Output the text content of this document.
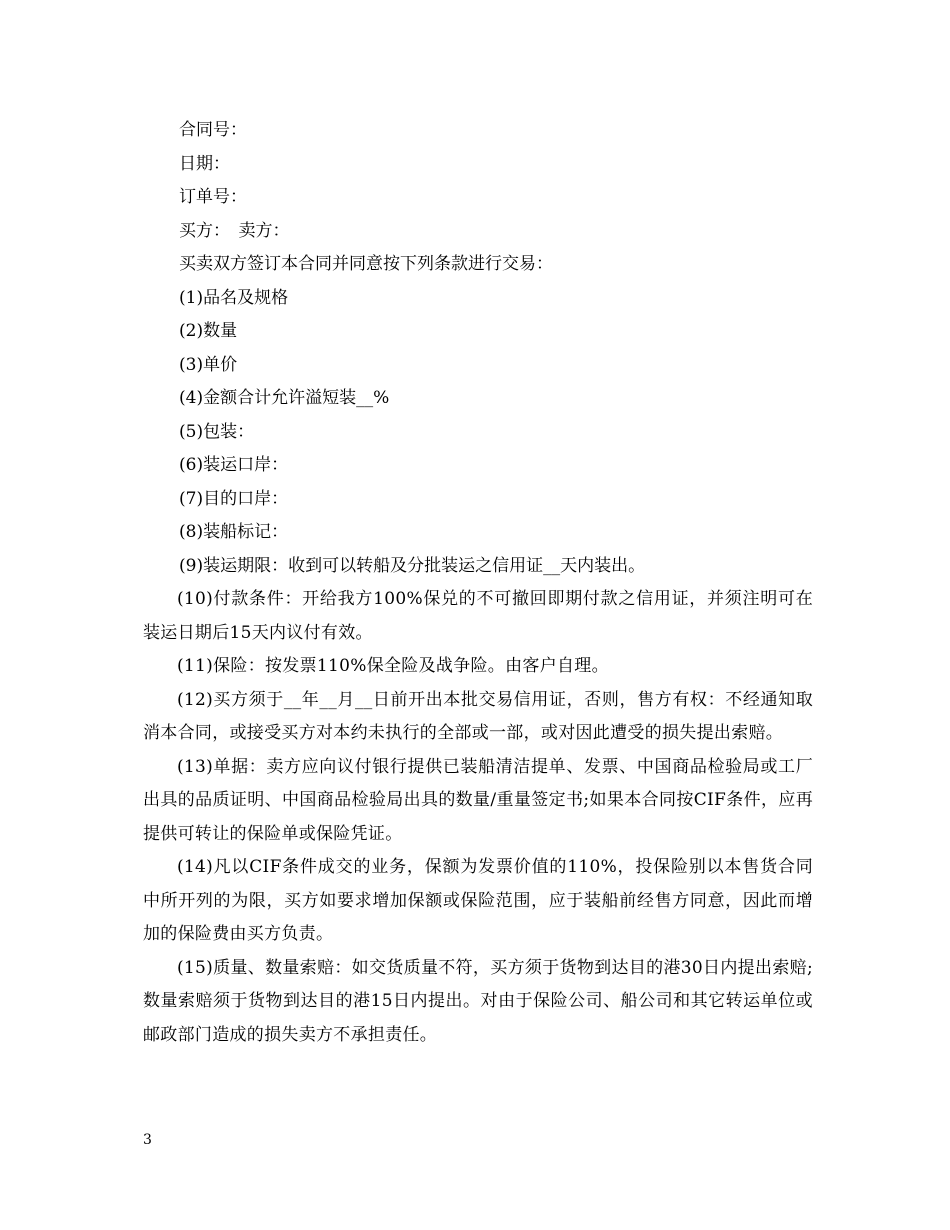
合同号：

日期：

订单号：

买方：　卖方：

买卖双方签订本合同并同意按下列条款进行交易：

(1)品名及规格

(2)数量

(3)单价

(4)金额合计允许溢短装__%

(5)包装：

(6)装运口岸：

(7)目的口岸：

(8)装船标记：

(9)装运期限：收到可以转船及分批装运之信用证__天内装出。

(10)付款条件：开给我方100%保兑的不可撤回即期付款之信用证，并须注明可在装运日期后15天内议付有效。

(11)保险：按发票110%保全险及战争险。由客户自理。

(12)买方须于__年__月__日前开出本批交易信用证，否则，售方有权：不经通知取消本合同，或接受买方对本约未执行的全部或一部，或对因此遭受的损失提出索赔。

(13)单据：卖方应向议付银行提供已装船清洁提单、发票、中国商品检验局或工厂出具的品质证明、中国商品检验局出具的数量/重量签定书;如果本合同按CIF条件，应再提供可转让的保险单或保险凭证。

(14)凡以CIF条件成交的业务，保额为发票价值的110%，投保险别以本售货合同中所开列的为限，买方如要求增加保额或保险范围，应于装船前经售方同意，因此而增加的保险费由买方负责。

(15)质量、数量索赔：如交货质量不符，买方须于货物到达目的港30日内提出索赔;数量索赔须于货物到达目的港15日内提出。对由于保险公司、船公司和其它转运单位或邮政部门造成的损失卖方不承担责任。

3
